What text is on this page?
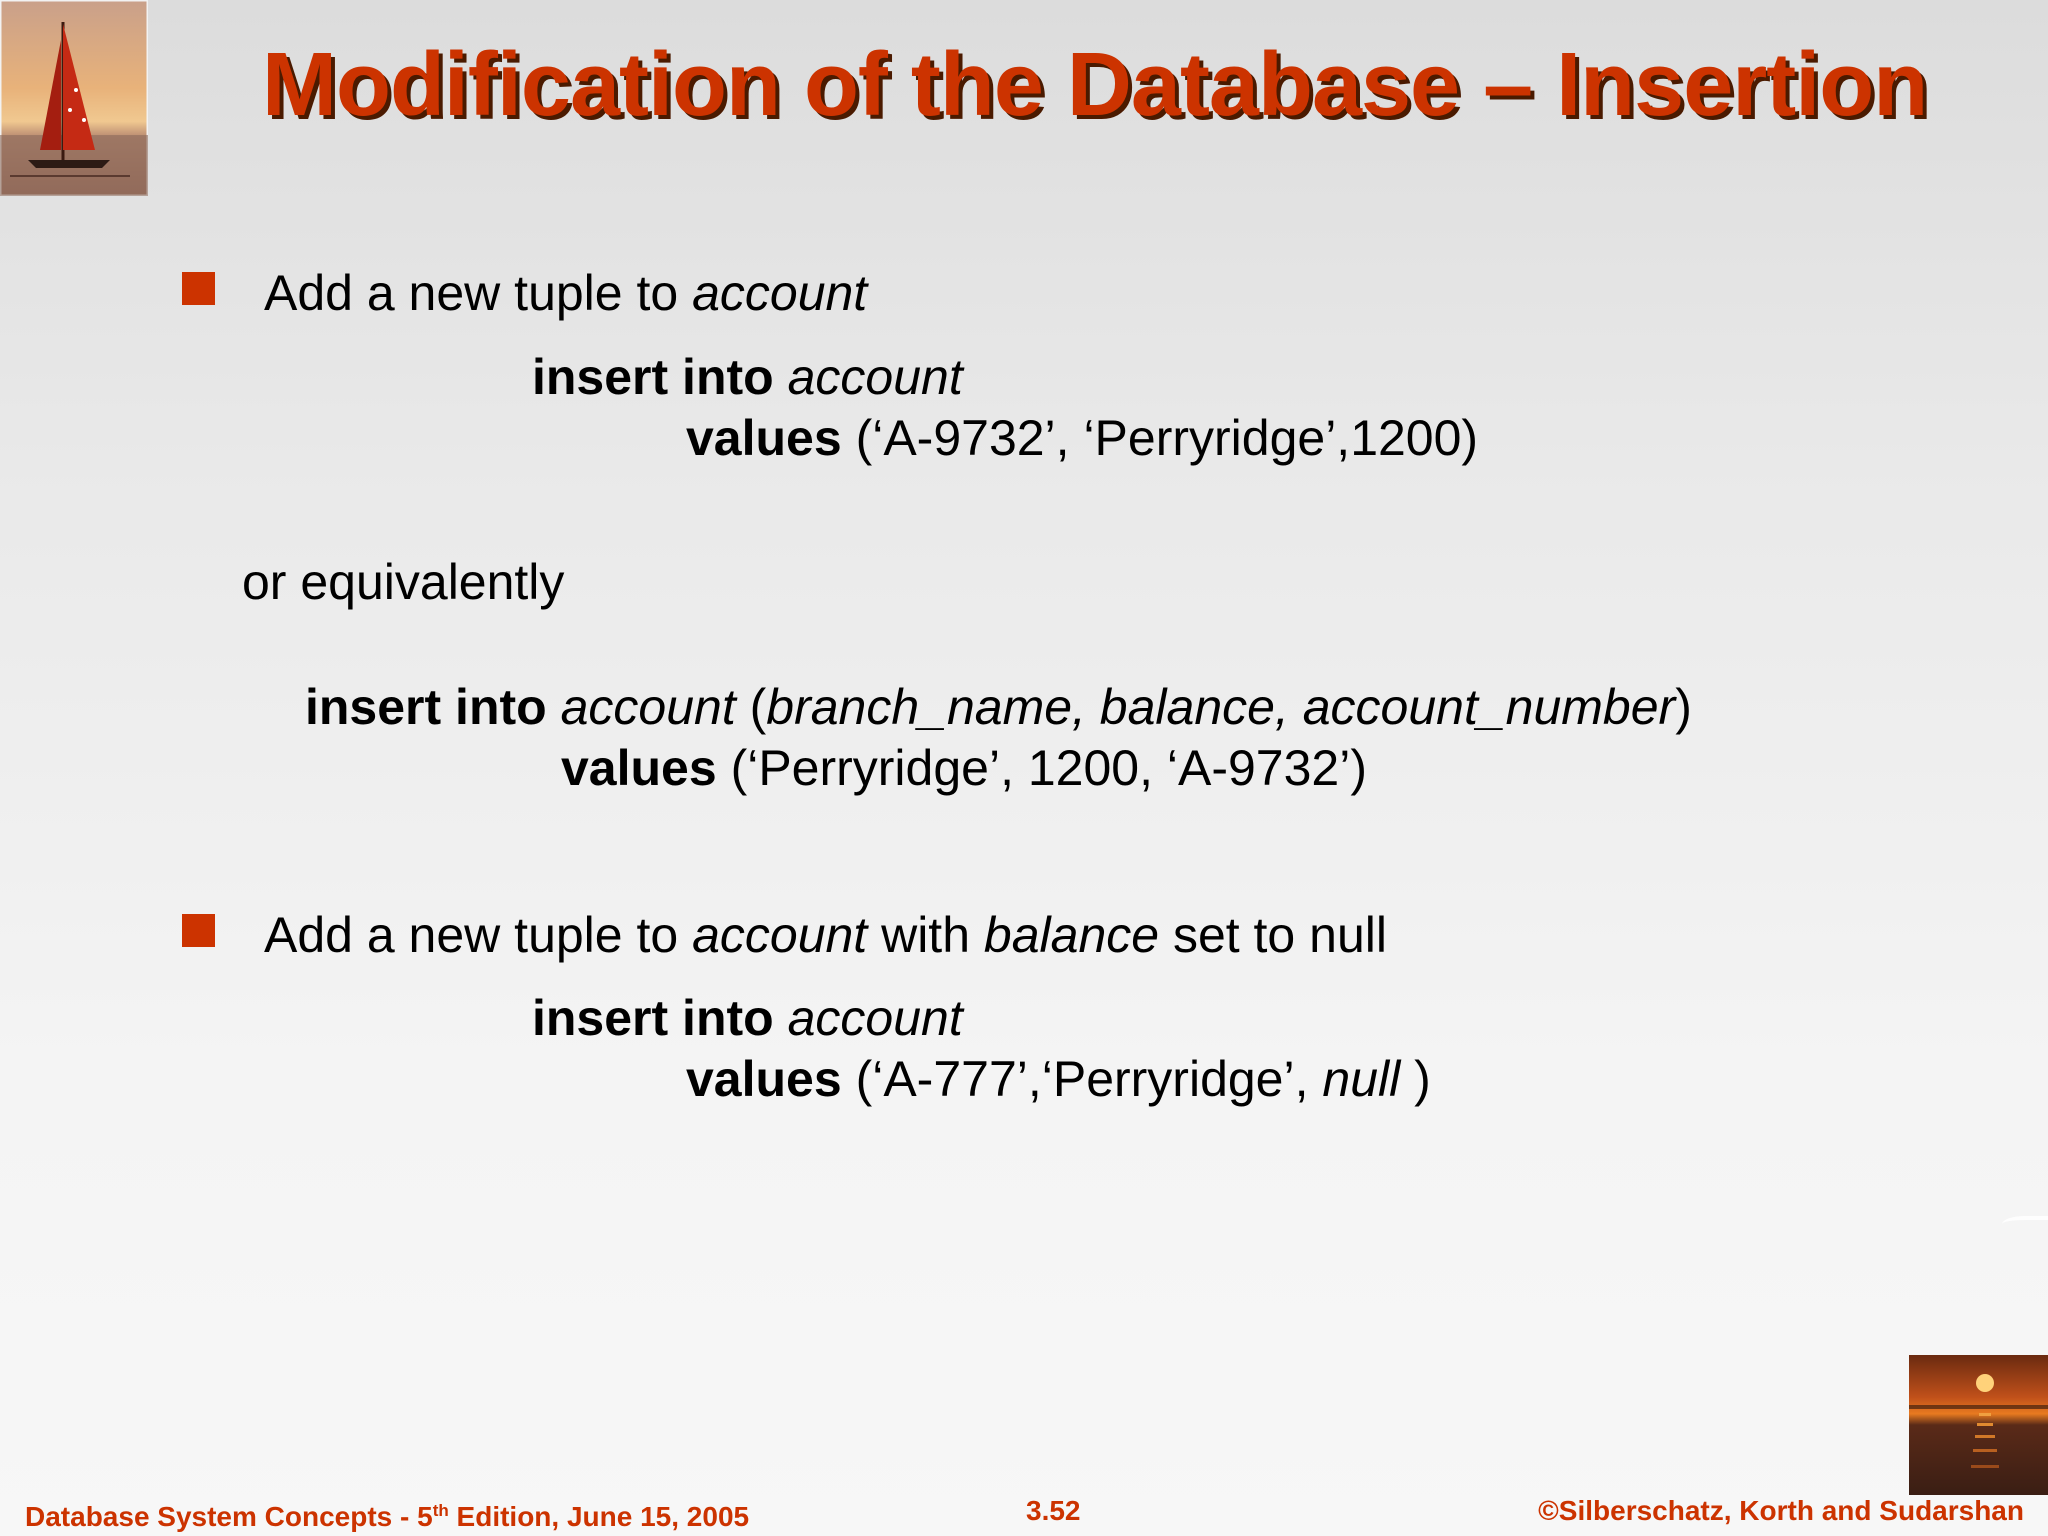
Modification of the Database – Insertion
Add a new tuple to account
insert into account
values (‘A-9732’, ‘Perryridge’,1200)
or equivalently
insert into account (branch_name, balance, account_number)
values (‘Perryridge’, 1200, ‘A-9732’)
Add a new tuple to account with balance set to null
insert into account
values (‘A-777’,‘Perryridge’, null )
Database System Concepts - 5th Edition, June 15, 2005	3.52	©Silberschatz, Korth and Sudarshan
